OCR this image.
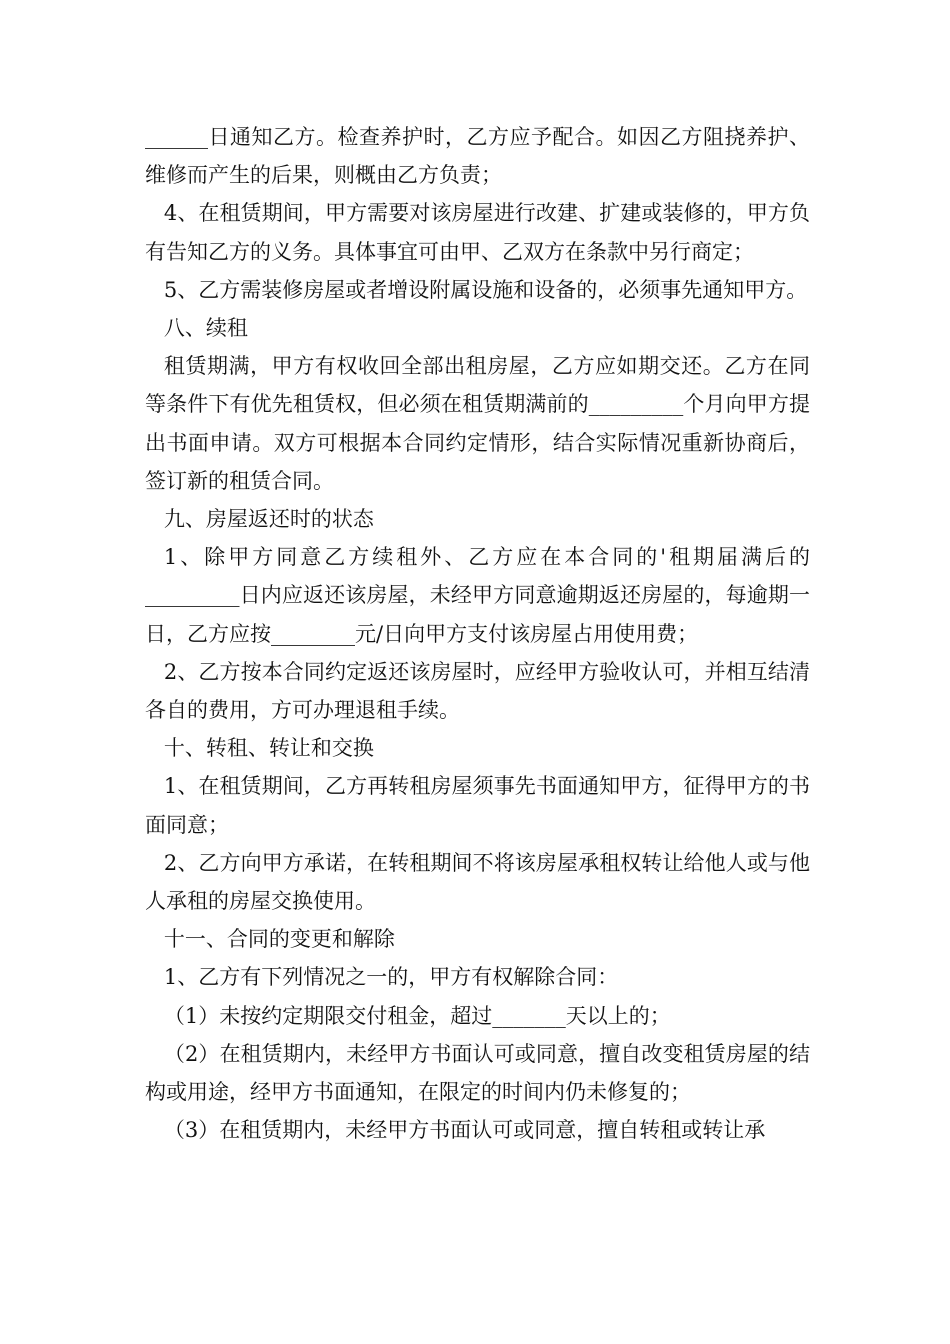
______日通知乙方。检查养护时，乙方应予配合。如因乙方阻挠养护、维修而产生的后果，则概由乙方负责；

4、在租赁期间，甲方需要对该房屋进行改建、扩建或装修的，甲方负有告知乙方的义务。具体事宜可由甲、乙双方在条款中另行商定；

5、乙方需装修房屋或者增设附属设施和设备的，必须事先通知甲方。

八、续租

租赁期满，甲方有权收回全部出租房屋，乙方应如期交还。乙方在同等条件下有优先租赁权，但必须在租赁期满前的_________个月向甲方提出书面申请。双方可根据本合同约定情形，结合实际情况重新协商后，签订新的租赁合同。

九、房屋返还时的状态

1、除甲方同意乙方续租外、乙方应在本合同的'租期届满后的_________日内应返还该房屋，未经甲方同意逾期返还房屋的，每逾期一日，乙方应按________元/日向甲方支付该房屋占用使用费；

2、乙方按本合同约定返还该房屋时，应经甲方验收认可，并相互结清各自的费用，方可办理退租手续。

十、转租、转让和交换

1、在租赁期间，乙方再转租房屋须事先书面通知甲方，征得甲方的书面同意；

2、乙方向甲方承诺，在转租期间不将该房屋承租权转让给他人或与他人承租的房屋交换使用。

十一、合同的变更和解除

1、乙方有下列情况之一的，甲方有权解除合同：

（1）未按约定期限交付租金，超过_______天以上的；

（2）在租赁期内，未经甲方书面认可或同意，擅自改变租赁房屋的结构或用途，经甲方书面通知，在限定的时间内仍未修复的；

（3）在租赁期内，未经甲方书面认可或同意，擅自转租或转让承
